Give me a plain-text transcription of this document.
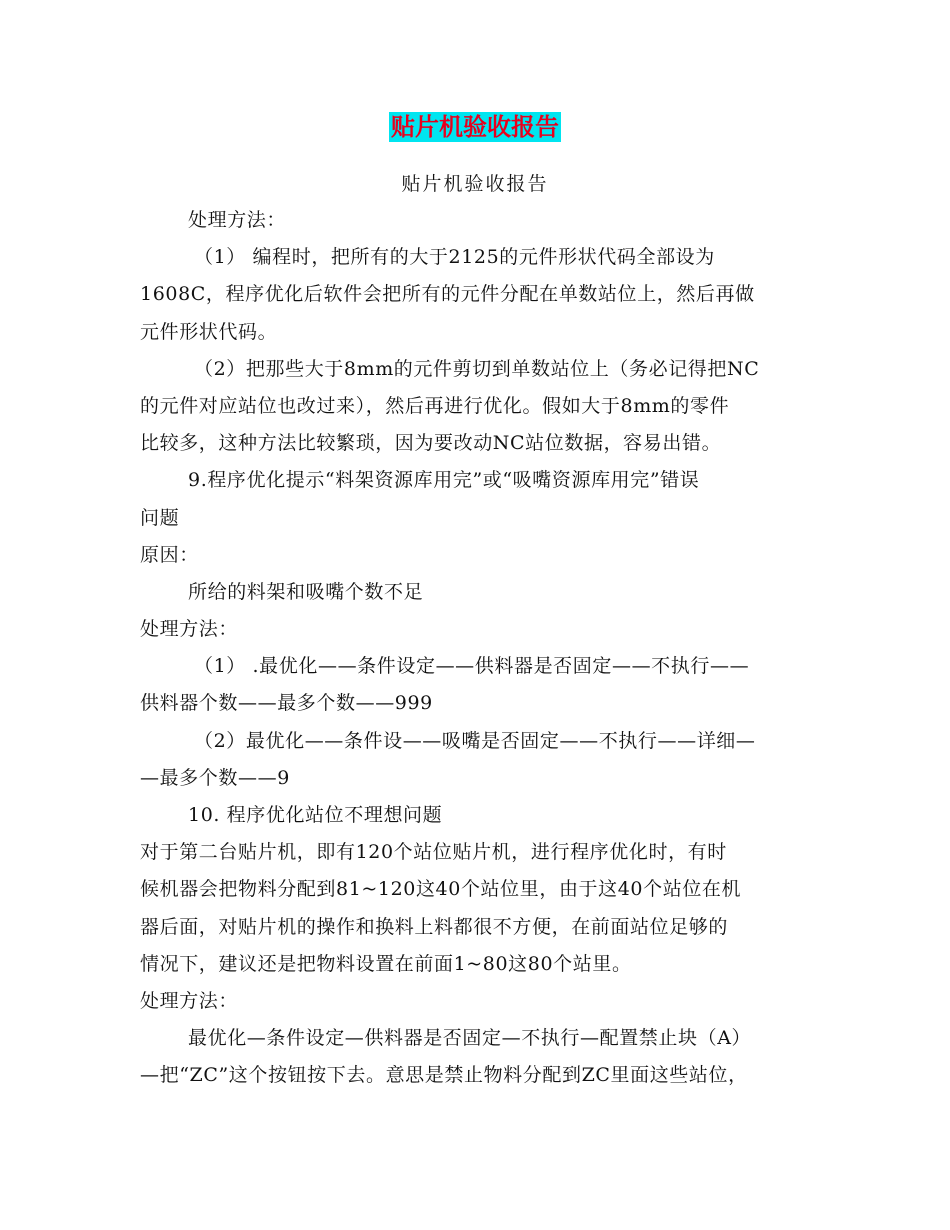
贴片机验收报告
贴片机验收报告
处理方法：
（1） 编程时，把所有的大于2125的元件形状代码全部设为
1608C，程序优化后软件会把所有的元件分配在单数站位上，然后再做
元件形状代码。
（2）把那些大于8mm的元件剪切到单数站位上（务必记得把NC
的元件对应站位也改过来），然后再进行优化。假如大于8mm的零件
比较多，这种方法比较繁琐，因为要改动NC站位数据，容易出错。
9.程序优化提示“料架资源库用完”或“吸嘴资源库用完”错误
问题
原因：
所给的料架和吸嘴个数不足
处理方法：
（1） .最优化——条件设定——供料器是否固定——不执行——
供料器个数——最多个数——999
（2）最优化——条件设——吸嘴是否固定——不执行——详细—
—最多个数——9
10. 程序优化站位不理想问题
对于第二台贴片机，即有120个站位贴片机，进行程序优化时，有时
候机器会把物料分配到81~120这40个站位里，由于这40个站位在机
器后面，对贴片机的操作和换料上料都很不方便，在前面站位足够的
情况下，建议还是把物料设置在前面1~80这80个站里。
处理方法：
最优化—条件设定—供料器是否固定—不执行—配置禁止块（A）
—把“ZC”这个按钮按下去。意思是禁止物料分配到ZC里面这些站位，
